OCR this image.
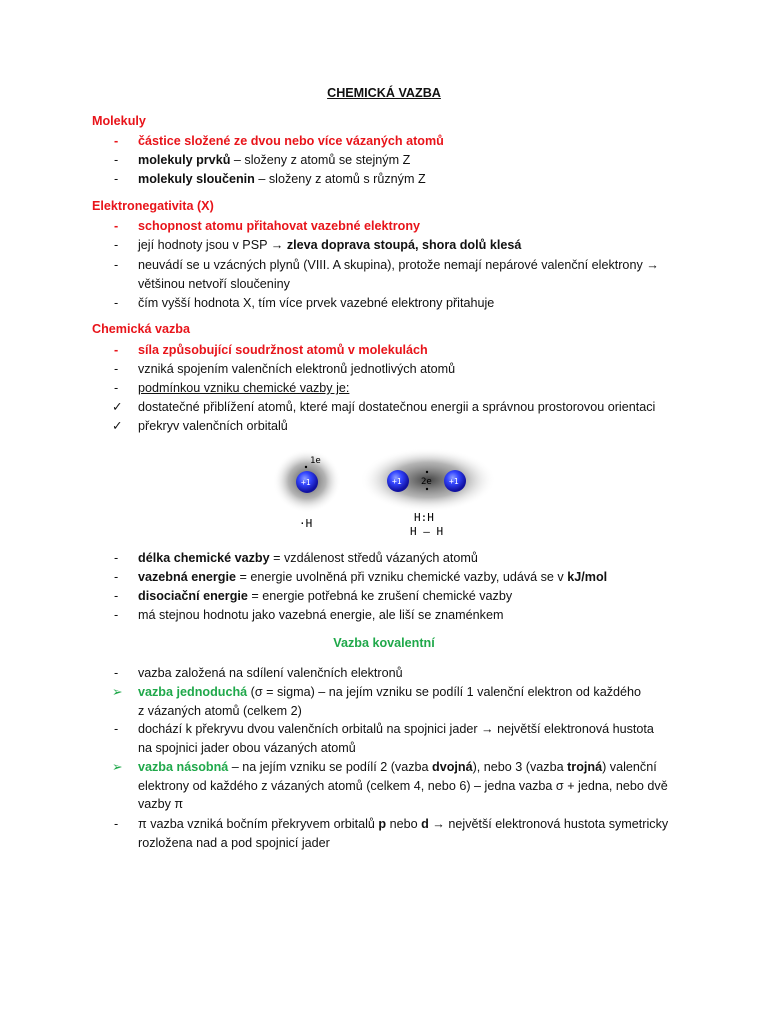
CHEMICKÁ VAZBA
Molekuly
-	částice složené ze dvou nebo více vázaných atomů
-	molekuly prvků – složeny z atomů se stejným Z
-	molekuly sloučenin – složeny z atomů s různým Z
Elektronegativita (X)
-	schopnost atomu přitahovat vazebné elektrony
-	její hodnoty jsou v PSP → zleva doprava stoupá, shora dolů klesá
-	neuvádí se u vzácných plynů (VIII. A skupina), protože nemají nepárové valenční elektrony →
většinou netvoří sloučeniny
-	čím vyšší hodnota X, tím více prvek vazebné elektrony přitahuje
Chemická vazba
-	síla způsobující soudržnost atomů v molekulách
-	vzniká spojením valenčních elektronů jednotlivých atomů
-	podmínkou vzniku chemické vazby je:
✓ dostatečné přiblížení atomů, které mají dostatečnou energii a správnou prostorovou orientaci
✓ překryv valenčních orbitalů
1e
+1	+1	+1
2e
·H	H:H
H – H
-	délka chemické vazby = vzdálenost středů vázaných atomů
-	vazebná energie = energie uvolněná při vzniku chemické vazby, udává se v kJ/mol
-	disociační energie = energie potřebná ke zrušení chemické vazby
-	má stejnou hodnotu jako vazebná energie, ale liší se znaménkem
Vazba kovalentní
-	vazba založená na sdílení valenčních elektronů
➢ vazba jednoduchá (σ = sigma) – na jejím vzniku se podílí 1 valenční elektron od každého
z vázaných atomů (celkem 2)
-	dochází k překryvu dvou valenčních orbitalů na spojnici jader → největší elektronová hustota
na spojnici jader obou vázaných atomů
➢ vazba násobná – na jejím vzniku se podílí 2 (vazba dvojná), nebo 3 (vazba trojná) valenční
elektrony od každého z vázaných atomů (celkem 4, nebo 6) – jedna vazba σ + jedna, nebo dvě
vazby π
-	π vazba vzniká bočním překryvem orbitalů p nebo d → největší elektronová hustota symetricky
rozložena nad a pod spojnicí jader
